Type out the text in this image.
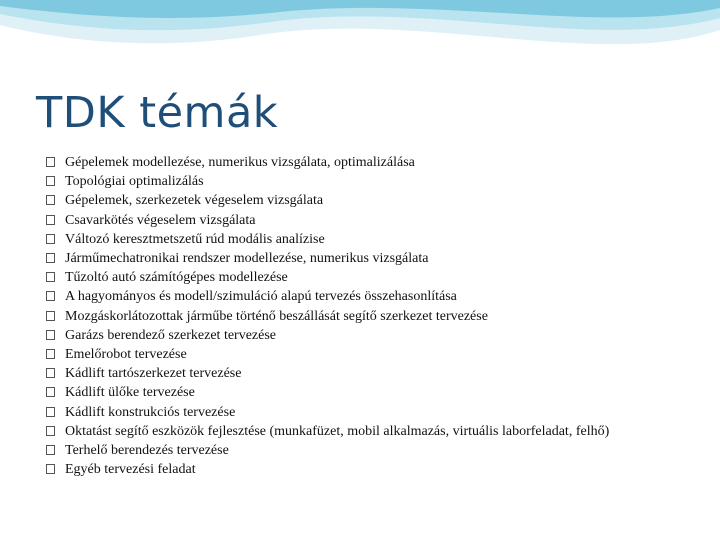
TDK témák
Gépelemek modellezése, numerikus vizsgálata, optimalizálása
Topológiai optimalizálás
Gépelemek, szerkezetek végeselem vizsgálata
Csavarkötés végeselem vizsgálata
Változó keresztmetszetű rúd modális analízise
Járműmechatronikai rendszer modellezése, numerikus vizsgálata
Tűzoltó autó számítógépes modellezése
A hagyományos és modell/szimuláció alapú tervezés összehasonlítása
Mozgáskorlátozottak járműbe történő beszállását segítő szerkezet tervezése
Garázs berendező szerkezet tervezése
Emelőrobot tervezése
Kádlift tartószerkezet tervezése
Kádlift ülőke tervezése
Kádlift konstrukciós tervezése
Oktatást segítő eszközök fejlesztése (munkafüzet, mobil alkalmazás, virtuális laborfeladat, felhő)
Terhelő berendezés tervezése
Egyéb tervezési feladat
